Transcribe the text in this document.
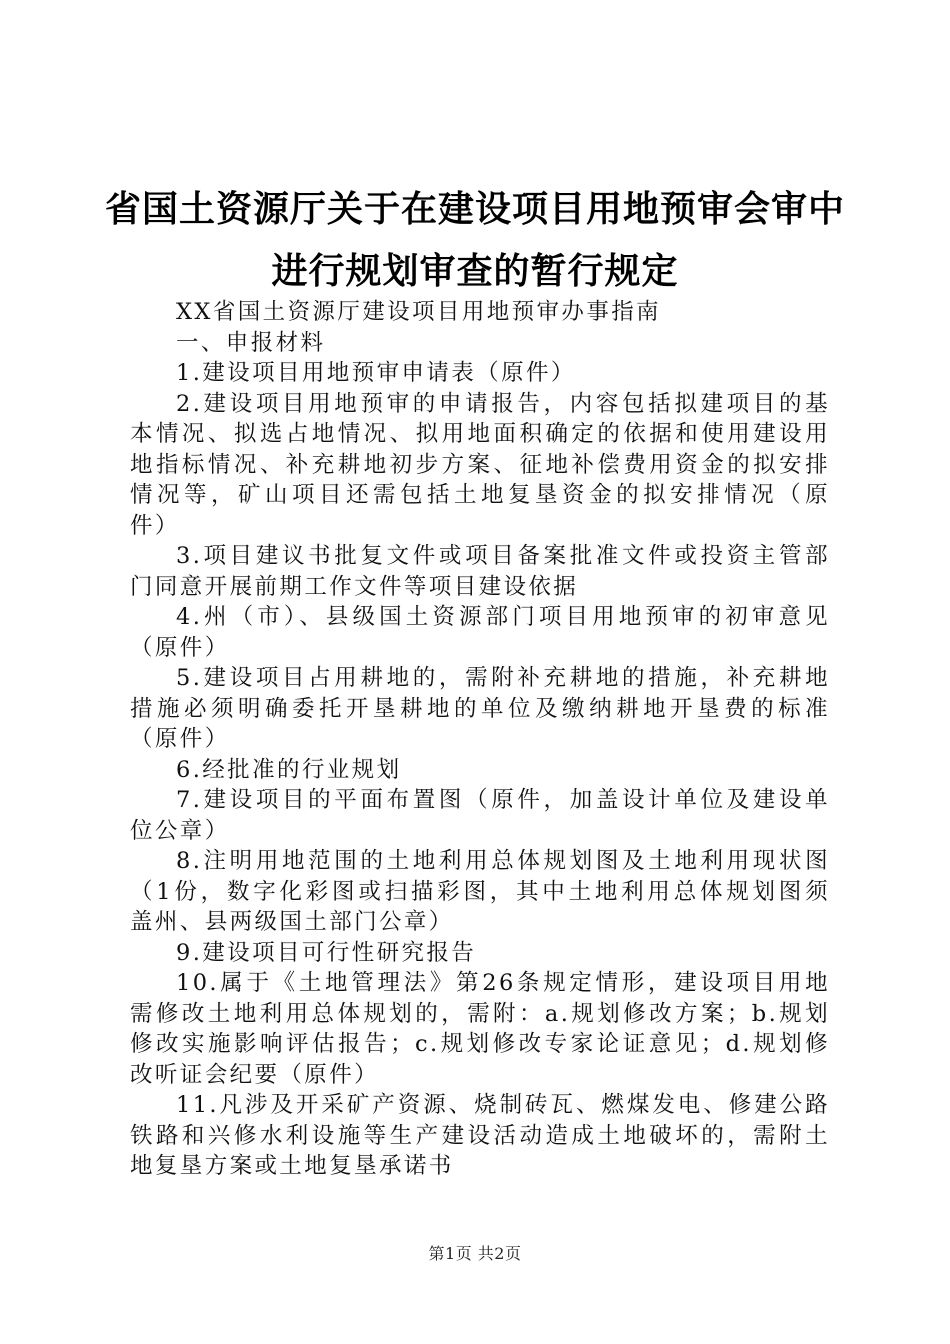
省国土资源厅关于在建设项目用地预审会审中
进行规划审查的暂行规定

XX省国土资源厅建设项目用地预审办事指南

一、申报材料

1.建设项目用地预审申请表（原件）

2.建设项目用地预审的申请报告，内容包括拟建项目的基

本情况、拟选占地情况、拟用地面积确定的依据和使用建设用

地指标情况、补充耕地初步方案、征地补偿费用资金的拟安排

情况等，矿山项目还需包括土地复垦资金的拟安排情况（原

件）

3.项目建议书批复文件或项目备案批准文件或投资主管部

门同意开展前期工作文件等项目建设依据

4.州（市）、县级国土资源部门项目用地预审的初审意见

（原件）

5.建设项目占用耕地的，需附补充耕地的措施，补充耕地

措施必须明确委托开垦耕地的单位及缴纳耕地开垦费的标准

（原件）

6.经批准的行业规划

7.建设项目的平面布置图（原件，加盖设计单位及建设单

位公章）

8.注明用地范围的土地利用总体规划图及土地利用现状图

（1份，数字化彩图或扫描彩图，其中土地利用总体规划图须

盖州、县两级国土部门公章）

9.建设项目可行性研究报告

10.属于《土地管理法》第26条规定情形，建设项目用地

需修改土地利用总体规划的，需附：a.规划修改方案；b.规划

修改实施影响评估报告；c.规划修改专家论证意见；d.规划修

改听证会纪要（原件）

11.凡涉及开采矿产资源、烧制砖瓦、燃煤发电、修建公路

铁路和兴修水利设施等生产建设活动造成土地破坏的，需附土

地复垦方案或土地复垦承诺书

第1页 共2页
